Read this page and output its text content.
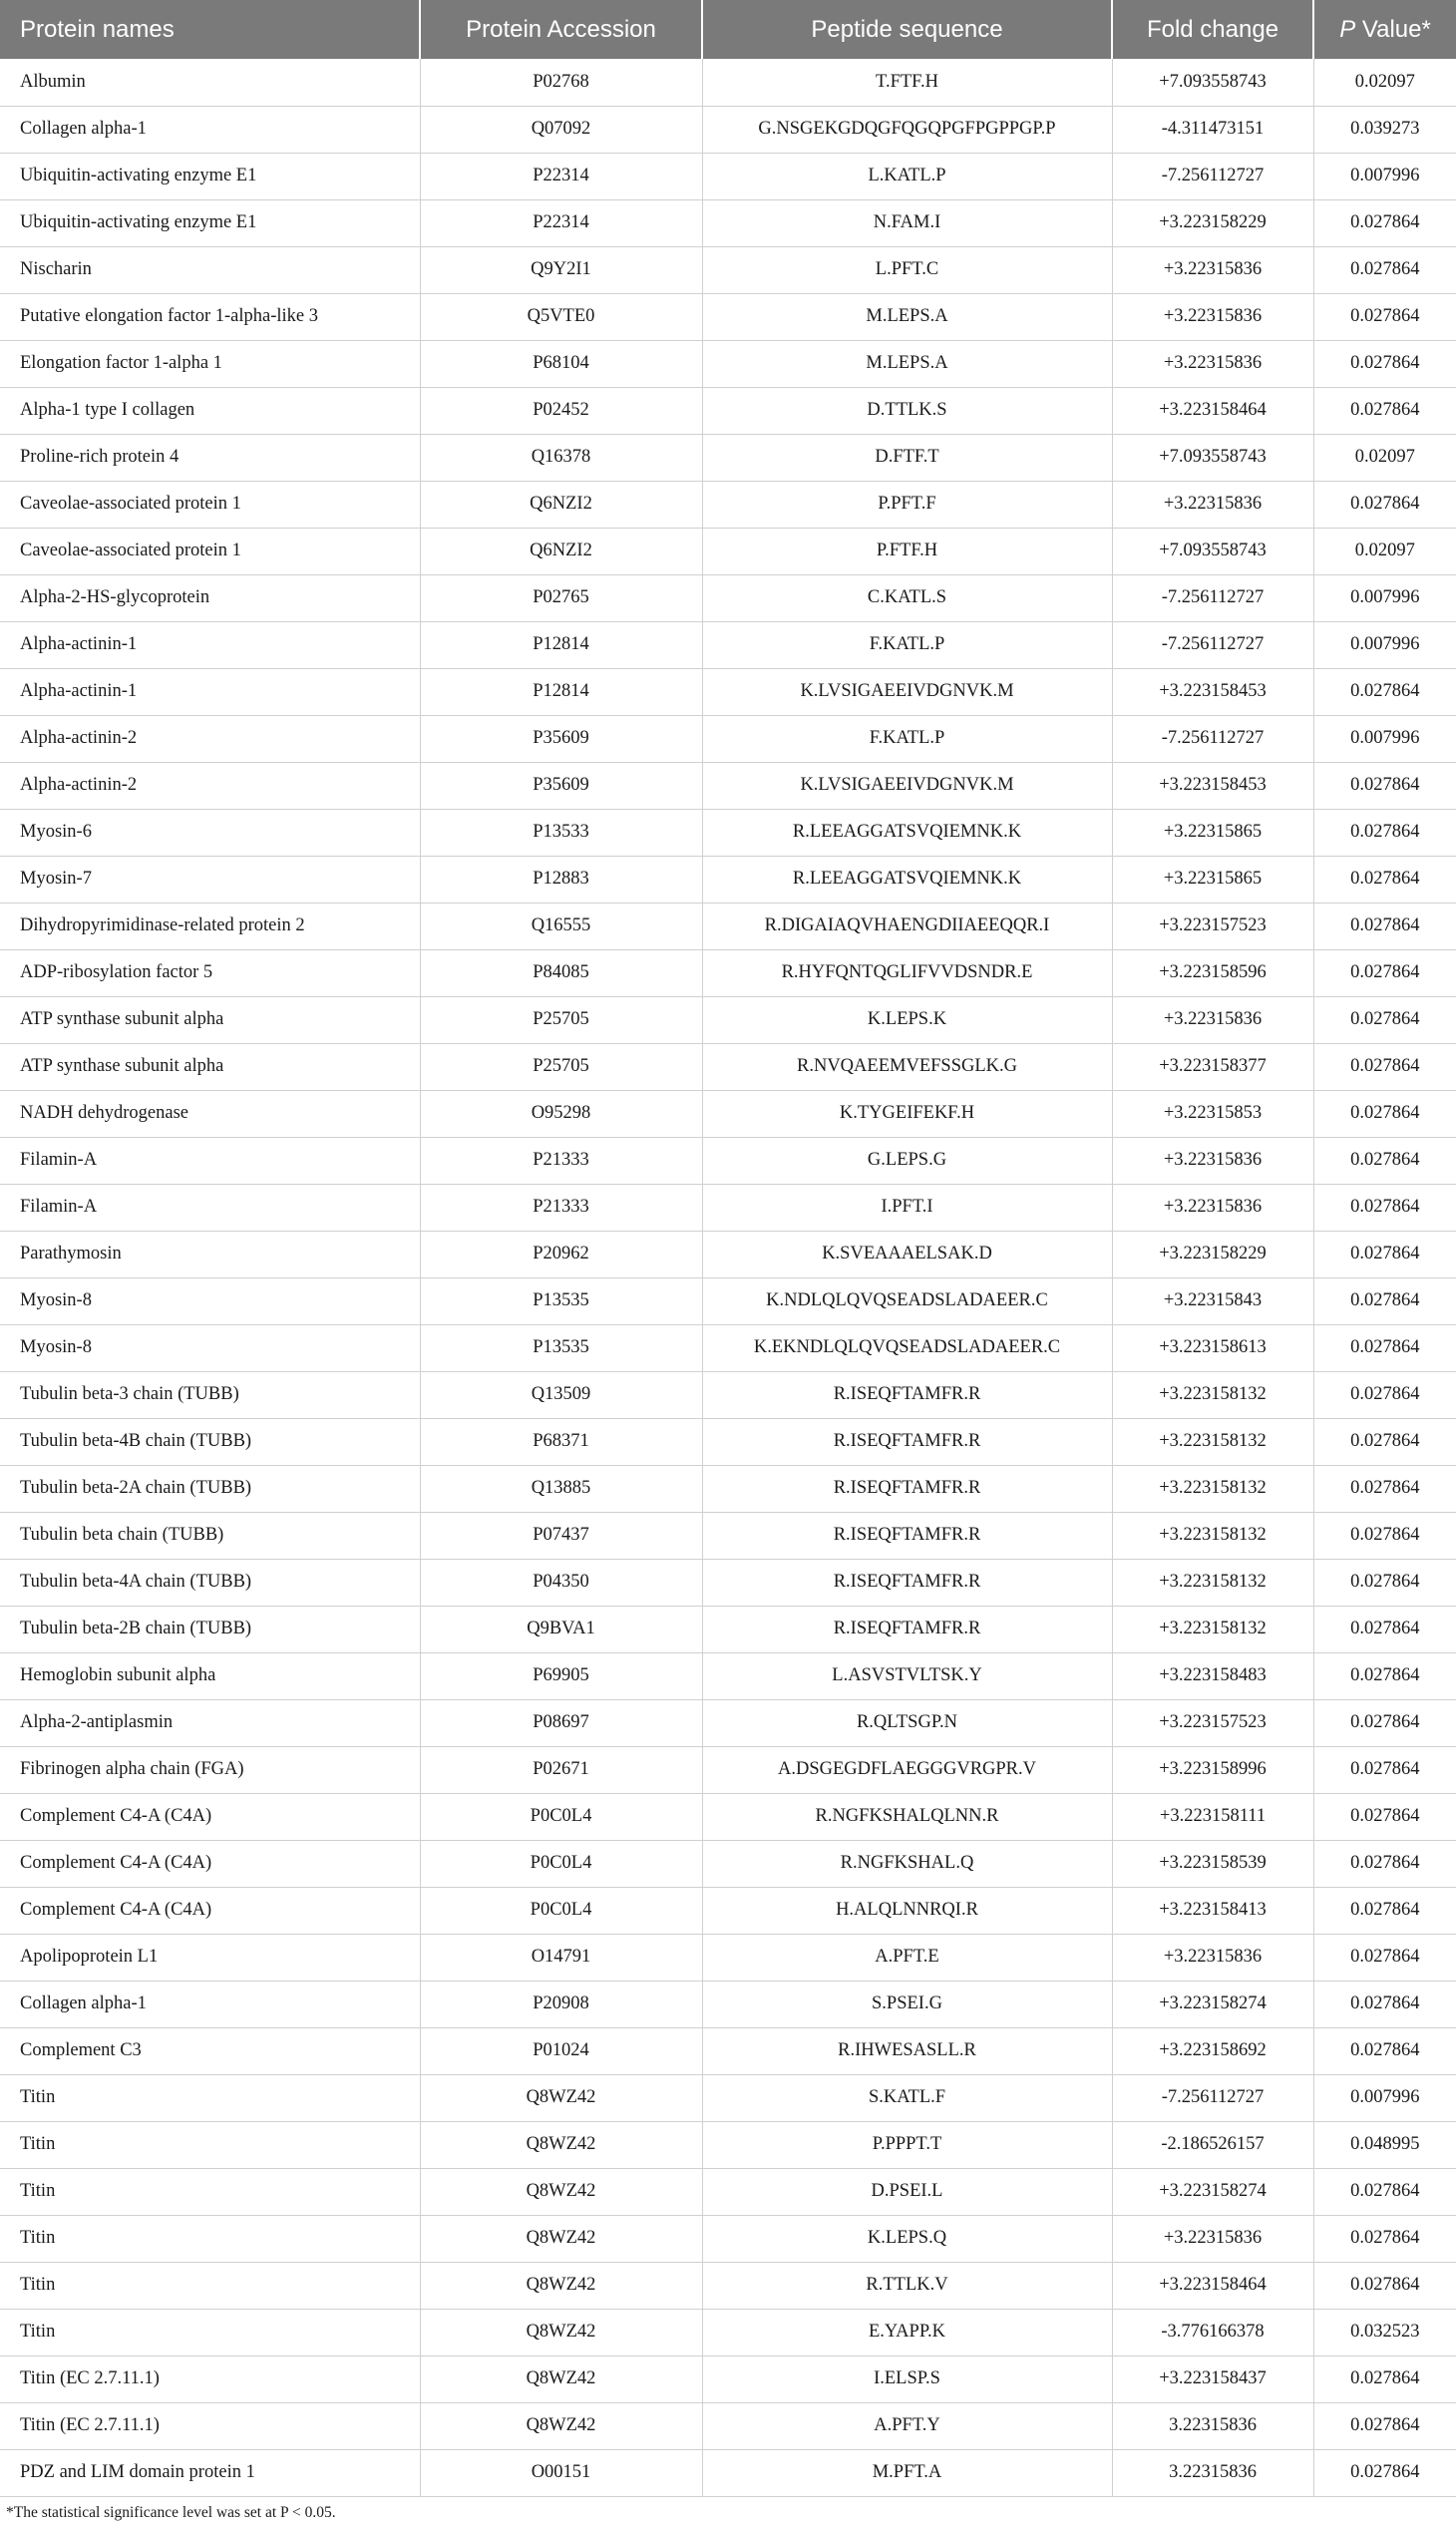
Protein names	Protein Accession	Peptide sequence	Fold change	P Value*
Albumin	P02768	T.FTF.H	+7.093558743	0.02097
Collagen alpha-1	Q07092	G.NSGEKGDQGFQGQPGFPGPPGP.P	-4.311473151	0.039273
Ubiquitin-activating enzyme E1	P22314	L.KATL.P	-7.256112727	0.007996
Ubiquitin-activating enzyme E1	P22314	N.FAM.I	+3.223158229	0.027864
Nischarin	Q9Y2I1	L.PFT.C	+3.22315836	0.027864
Putative elongation factor 1-alpha-like 3	Q5VTE0	M.LEPS.A	+3.22315836	0.027864
Elongation factor 1-alpha 1	P68104	M.LEPS.A	+3.22315836	0.027864
Alpha-1 type I collagen	P02452	D.TTLK.S	+3.223158464	0.027864
Proline-rich protein 4	Q16378	D.FTF.T	+7.093558743	0.02097
Caveolae-associated protein 1	Q6NZI2	P.PFT.F	+3.22315836	0.027864
Caveolae-associated protein 1	Q6NZI2	P.FTF.H	+7.093558743	0.02097
Alpha-2-HS-glycoprotein	P02765	C.KATL.S	-7.256112727	0.007996
Alpha-actinin-1	P12814	F.KATL.P	-7.256112727	0.007996
Alpha-actinin-1	P12814	K.LVSIGAEEIVDGNVK.M	+3.223158453	0.027864
Alpha-actinin-2	P35609	F.KATL.P	-7.256112727	0.007996
Alpha-actinin-2	P35609	K.LVSIGAEEIVDGNVK.M	+3.223158453	0.027864
Myosin-6	P13533	R.LEEAGGATSVQIEMNK.K	+3.22315865	0.027864
Myosin-7	P12883	R.LEEAGGATSVQIEMNK.K	+3.22315865	0.027864
Dihydropyrimidinase-related protein 2	Q16555	R.DIGAIAQVHAENGDIIAEEQQR.I	+3.223157523	0.027864
ADP-ribosylation factor 5	P84085	R.HYFQNTQGLIFVVDSNDR.E	+3.223158596	0.027864
ATP synthase subunit alpha	P25705	K.LEPS.K	+3.22315836	0.027864
ATP synthase subunit alpha	P25705	R.NVQAEEMVEFSSGLK.G	+3.223158377	0.027864
NADH dehydrogenase	O95298	K.TYGEIFEKF.H	+3.22315853	0.027864
Filamin-A	P21333	G.LEPS.G	+3.22315836	0.027864
Filamin-A	P21333	I.PFT.I	+3.22315836	0.027864
Parathymosin	P20962	K.SVEAAAELSAK.D	+3.223158229	0.027864
Myosin-8	P13535	K.NDLQLQVQSEADSLADAEER.C	+3.22315843	0.027864
Myosin-8	P13535	K.EKNDLQLQVQSEADSLADAEER.C	+3.223158613	0.027864
Tubulin beta-3 chain (TUBB)	Q13509	R.ISEQFTAMFR.R	+3.223158132	0.027864
Tubulin beta-4B chain (TUBB)	P68371	R.ISEQFTAMFR.R	+3.223158132	0.027864
Tubulin beta-2A chain (TUBB)	Q13885	R.ISEQFTAMFR.R	+3.223158132	0.027864
Tubulin beta chain (TUBB)	P07437	R.ISEQFTAMFR.R	+3.223158132	0.027864
Tubulin beta-4A chain (TUBB)	P04350	R.ISEQFTAMFR.R	+3.223158132	0.027864
Tubulin beta-2B chain (TUBB)	Q9BVA1	R.ISEQFTAMFR.R	+3.223158132	0.027864
Hemoglobin subunit alpha	P69905	L.ASVSTVLTSK.Y	+3.223158483	0.027864
Alpha-2-antiplasmin	P08697	R.QLTSGP.N	+3.223157523	0.027864
Fibrinogen alpha chain (FGA)	P02671	A.DSGEGDFLAEGGGVRGPR.V	+3.223158996	0.027864
Complement C4-A (C4A)	P0C0L4	R.NGFKSHALQLNN.R	+3.223158111	0.027864
Complement C4-A (C4A)	P0C0L4	R.NGFKSHAL.Q	+3.223158539	0.027864
Complement C4-A (C4A)	P0C0L4	H.ALQLNNRQI.R	+3.223158413	0.027864
Apolipoprotein L1	O14791	A.PFT.E	+3.22315836	0.027864
Collagen alpha-1	P20908	S.PSEI.G	+3.223158274	0.027864
Complement C3	P01024	R.IHWESASLL.R	+3.223158692	0.027864
Titin	Q8WZ42	S.KATL.F	-7.256112727	0.007996
Titin	Q8WZ42	P.PPPT.T	-2.186526157	0.048995
Titin	Q8WZ42	D.PSEI.L	+3.223158274	0.027864
Titin	Q8WZ42	K.LEPS.Q	+3.22315836	0.027864
Titin	Q8WZ42	R.TTLK.V	+3.223158464	0.027864
Titin	Q8WZ42	E.YAPP.K	-3.776166378	0.032523
Titin (EC 2.7.11.1)	Q8WZ42	I.ELSP.S	+3.223158437	0.027864
Titin (EC 2.7.11.1)	Q8WZ42	A.PFT.Y	3.22315836	0.027864
PDZ and LIM domain protein 1	O00151	M.PFT.A	3.22315836	0.027864
*The statistical significance level was set at P < 0.05.
